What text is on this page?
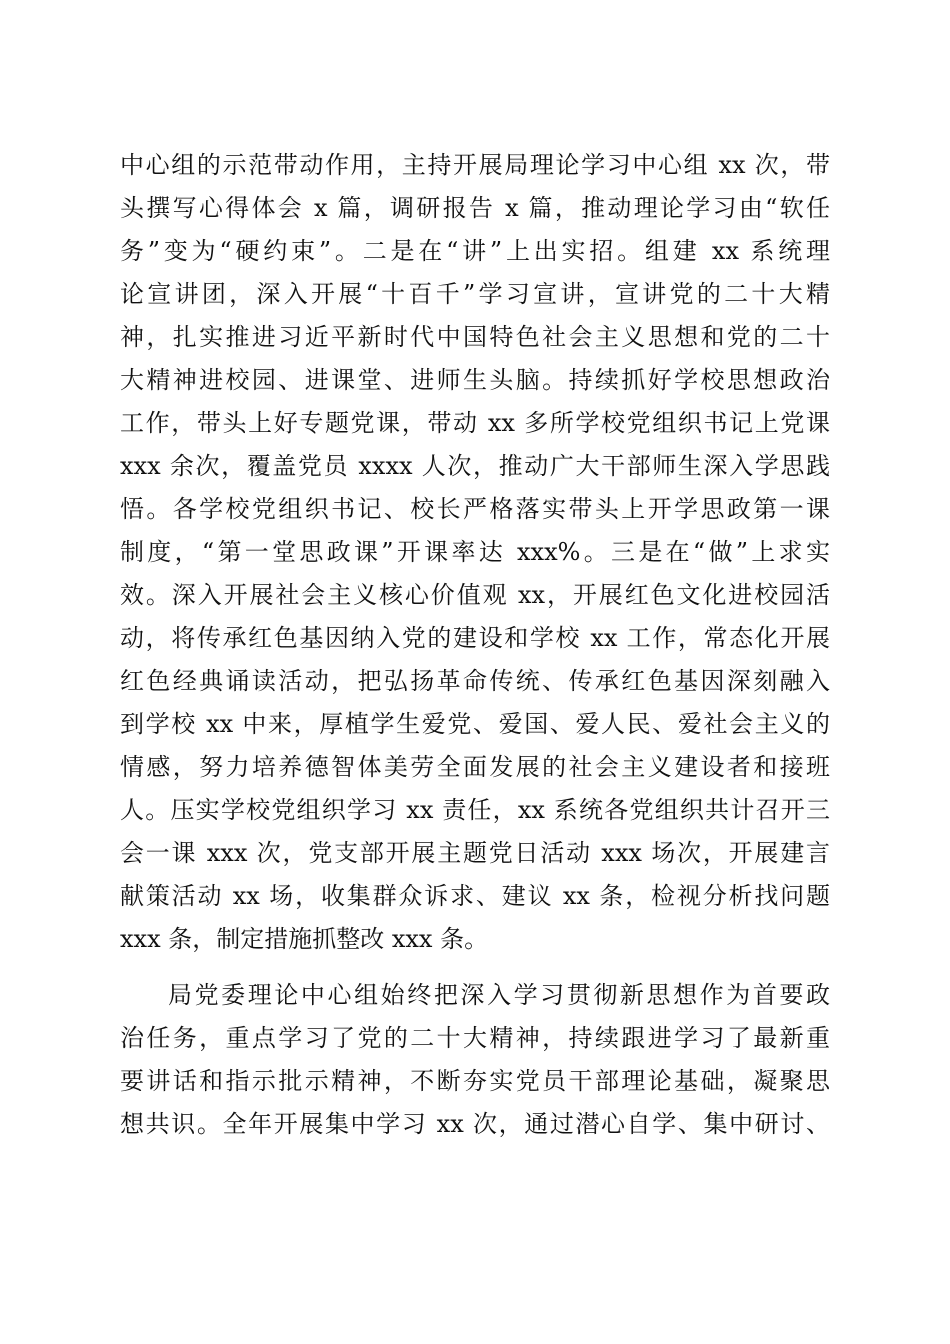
中心组的示范带动作用，主持开展局理论学习中心组 xx 次，带
头撰写心得体会 x 篇，调研报告 x 篇，推动理论学习由“软任
务”变为“硬约束”。二是在“讲”上出实招。组建 xx 系统理
论宣讲团，深入开展“十百千”学习宣讲，宣讲党的二十大精
神，扎实推进习近平新时代中国特色社会主义思想和党的二十
大精神进校园、进课堂、进师生头脑。持续抓好学校思想政治
工作，带头上好专题党课，带动 xx 多所学校党组织书记上党课
xxx 余次，覆盖党员 xxxx 人次，推动广大干部师生深入学思践
悟。各学校党组织书记、校长严格落实带头上开学思政第一课
制度，“第一堂思政课”开课率达 xxx%。三是在“做”上求实
效。深入开展社会主义核心价值观 xx，开展红色文化进校园活
动，将传承红色基因纳入党的建设和学校 xx 工作，常态化开展
红色经典诵读活动，把弘扬革命传统、传承红色基因深刻融入
到学校 xx 中来，厚植学生爱党、爱国、爱人民、爱社会主义的
情感，努力培养德智体美劳全面发展的社会主义建设者和接班
人。压实学校党组织学习 xx 责任，xx 系统各党组织共计召开三
会一课 xxx 次，党支部开展主题党日活动 xxx 场次，开展建言
献策活动 xx 场，收集群众诉求、建议 xx 条，检视分析找问题
xxx 条，制定措施抓整改 xxx 条。
局党委理论中心组始终把深入学习贯彻新思想作为首要政
治任务，重点学习了党的二十大精神，持续跟进学习了最新重
要讲话和指示批示精神，不断夯实党员干部理论基础，凝聚思
想共识。全年开展集中学习 xx 次，通过潜心自学、集中研讨、
